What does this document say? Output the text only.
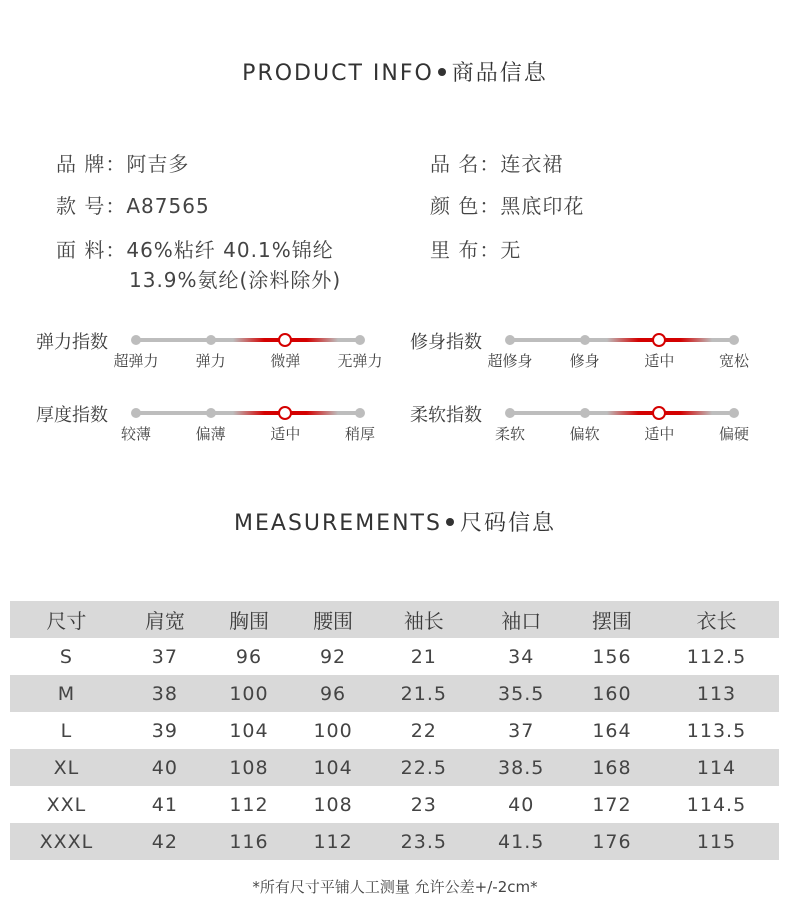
PRODUCT INFO 商品信息
品 牌：阿吉多	品 名：连衣裙
款 号：A87565	颜 色：黑底印花
面 料：46%粘纤 40.1%锦纶
13.9%氨纶(涂料除外)
里 布：无
弹力指数
超弹力 弹力	微弹 无弹力
修身指数
超修身 修身	适中	宽松
厚度指数
较薄	偏薄	适中	稍厚
柔软指数
柔软	偏软	适中	偏硬
MEASUREMENTS 尺码信息
尺寸	肩宽	胸围	腰围	袖长	袖口	摆围	衣长
S	37	96	92	21	34	156	112.5
M	38	100	96	21.5	35.5	160	113
L	39	104	100	22	37	164	113.5
XL	40	108	104	22.5	38.5	168	114
XXL	41	112	108	23	40	172	114.5
XXXL	42	116	112	23.5	41.5	176	115
*所有尺寸平铺人工测量 允许公差+/-2cm*
